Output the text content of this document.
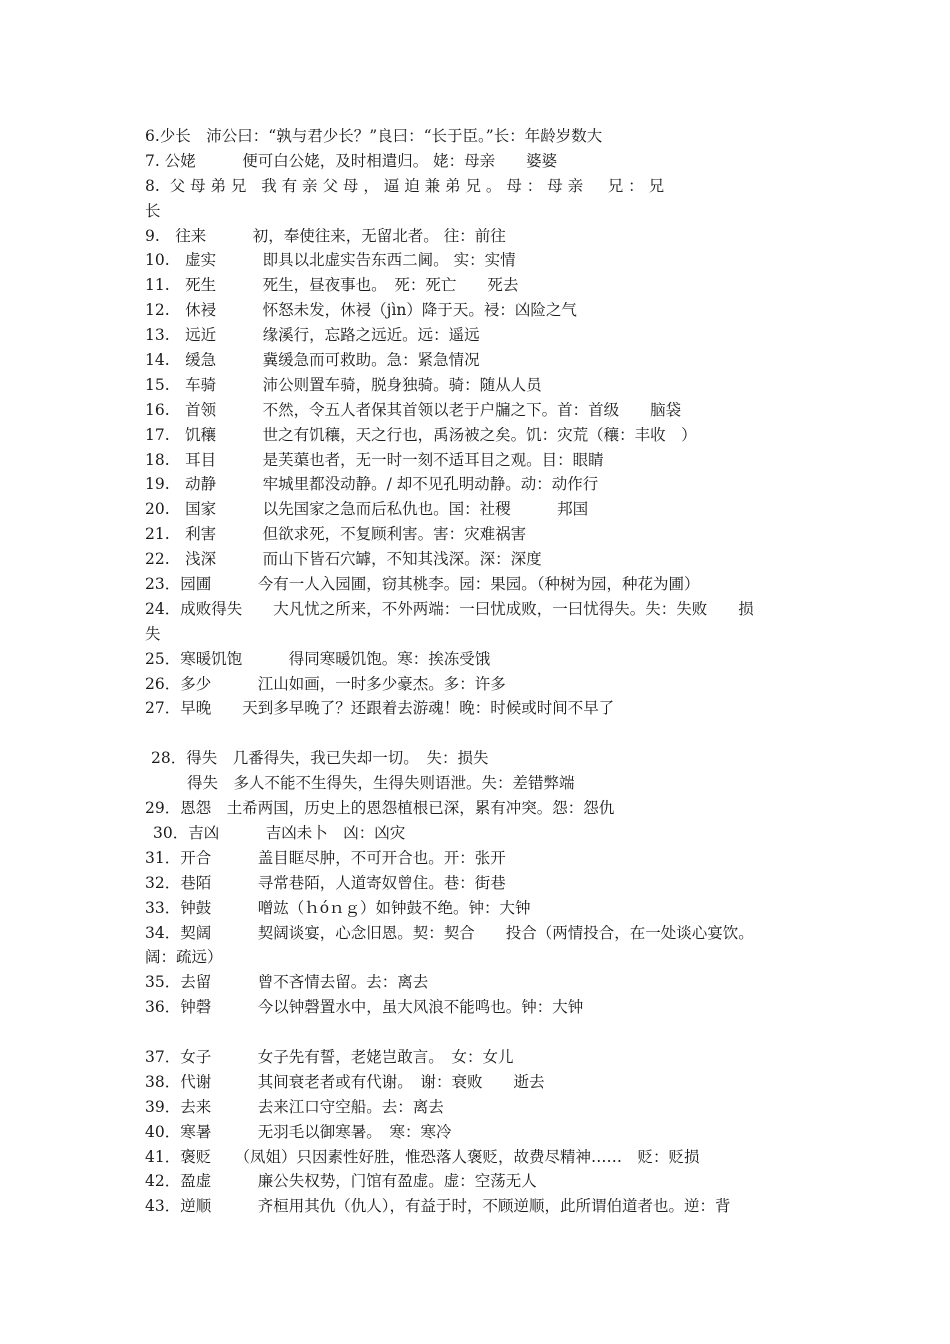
6.少长　沛公曰：“孰与君少长？”良曰：“长于臣。”长：年龄岁数大
7. 公姥　　　便可白公姥，及时相遣归。 姥：母亲　　婆婆
8.  父 母 弟 兄   我 有 亲 父 母 ， 逼 迫 兼 弟 兄 。 母 ： 母 亲     兄 ： 兄
长
9.　往来　　　初，奉使往来，无留北者。 往：前往
10.　虚实　　　即具以北虚实告东西二阃。 实：实情
11.　死生　　　死生，昼夜事也。　死：死亡　　死去
12.　休祲　　　怀怒未发，休祲（jìn）降于天。祲：凶险之气
13.　远近　　　缘溪行，忘路之远近。远：遥远
14.　缓急　　　冀缓急而可救助。急：紧急情况
15.　车骑　　　沛公则置车骑，脱身独骑。骑：随从人员
16.　首领　　　不然，令五人者保其首领以老于户牖之下。首：首级　　脑袋
17.　饥穰　　　世之有饥穰，天之行也，禹汤被之矣。饥：灾荒（穰：丰收　）
18.　耳目　　　是芙蕖也者，无一时一刻不适耳目之观。目：眼睛
19.　动静　　　牢城里都没动静。/ 却不见孔明动静。动：动作行
20.　国家　　　以先国家之急而后私仇也。国：社稷　　　邦国
21.　利害　　　但欲求死，不复顾利害。害：灾难祸害
22.　浅深　　　而山下皆石穴罅，不知其浅深。深：深度
23．园圃　　　今有一人入园圃，窃其桃李。园：果园。（种树为园，种花为圃）
24．成败得失　　大凡忧之所来，不外两端：一曰忧成败，一曰忧得失。失：失败　　损
失
25．寒暖饥饱　　　得同寒暖饥饱。寒：挨冻受饿
26．多少　　　江山如画，一时多少豪杰。多：许多
27．早晚　　天到多早晚了？还跟着去游魂！晚：时候或时间不早了
28．得失　几番得失，我已失却一切。　失：损失
得失　多人不能不生得失，生得失则语泄。失：差错弊端
29．恩怨　土希两国，历史上的恩怨植根已深，累有冲突。怨：怨仇
30．吉凶　　　吉凶未卜　凶：凶灾
31．开合　　　盖目眶尽肿，不可开合也。开：张开
32．巷陌　　　寻常巷陌，人道寄奴曾住。巷：街巷
33．钟鼓　　　噌竑（ｈóｎｇ）如钟鼓不绝。钟：大钟
34．契阔　　　契阔谈宴，心念旧恩。契：契合　　投合（两情投合，在一处谈心宴饮。
阔：疏远）
35．去留　　　曾不吝情去留。去：离去
36．钟磬　　　今以钟磬置水中，虽大风浪不能鸣也。钟：大钟
37．女子　　　女子先有誓，老姥岂敢言。　女：女儿
38．代谢　　　其间衰老者或有代谢。　谢：衰败　　逝去
39．去来　　　去来江口守空船。去：离去
40．寒暑　　　无羽毛以御寒暑。　寒：寒冷
41．褒贬　　（凤姐）只因素性好胜，惟恐落人褒贬，故费尽精神……　贬：贬损
42．盈虚　　　廉公失权势，门馆有盈虚。虚：空荡无人
43．逆顺　　　齐桓用其仇（仇人），有益于时，不顾逆顺，此所谓伯道者也。逆：背
